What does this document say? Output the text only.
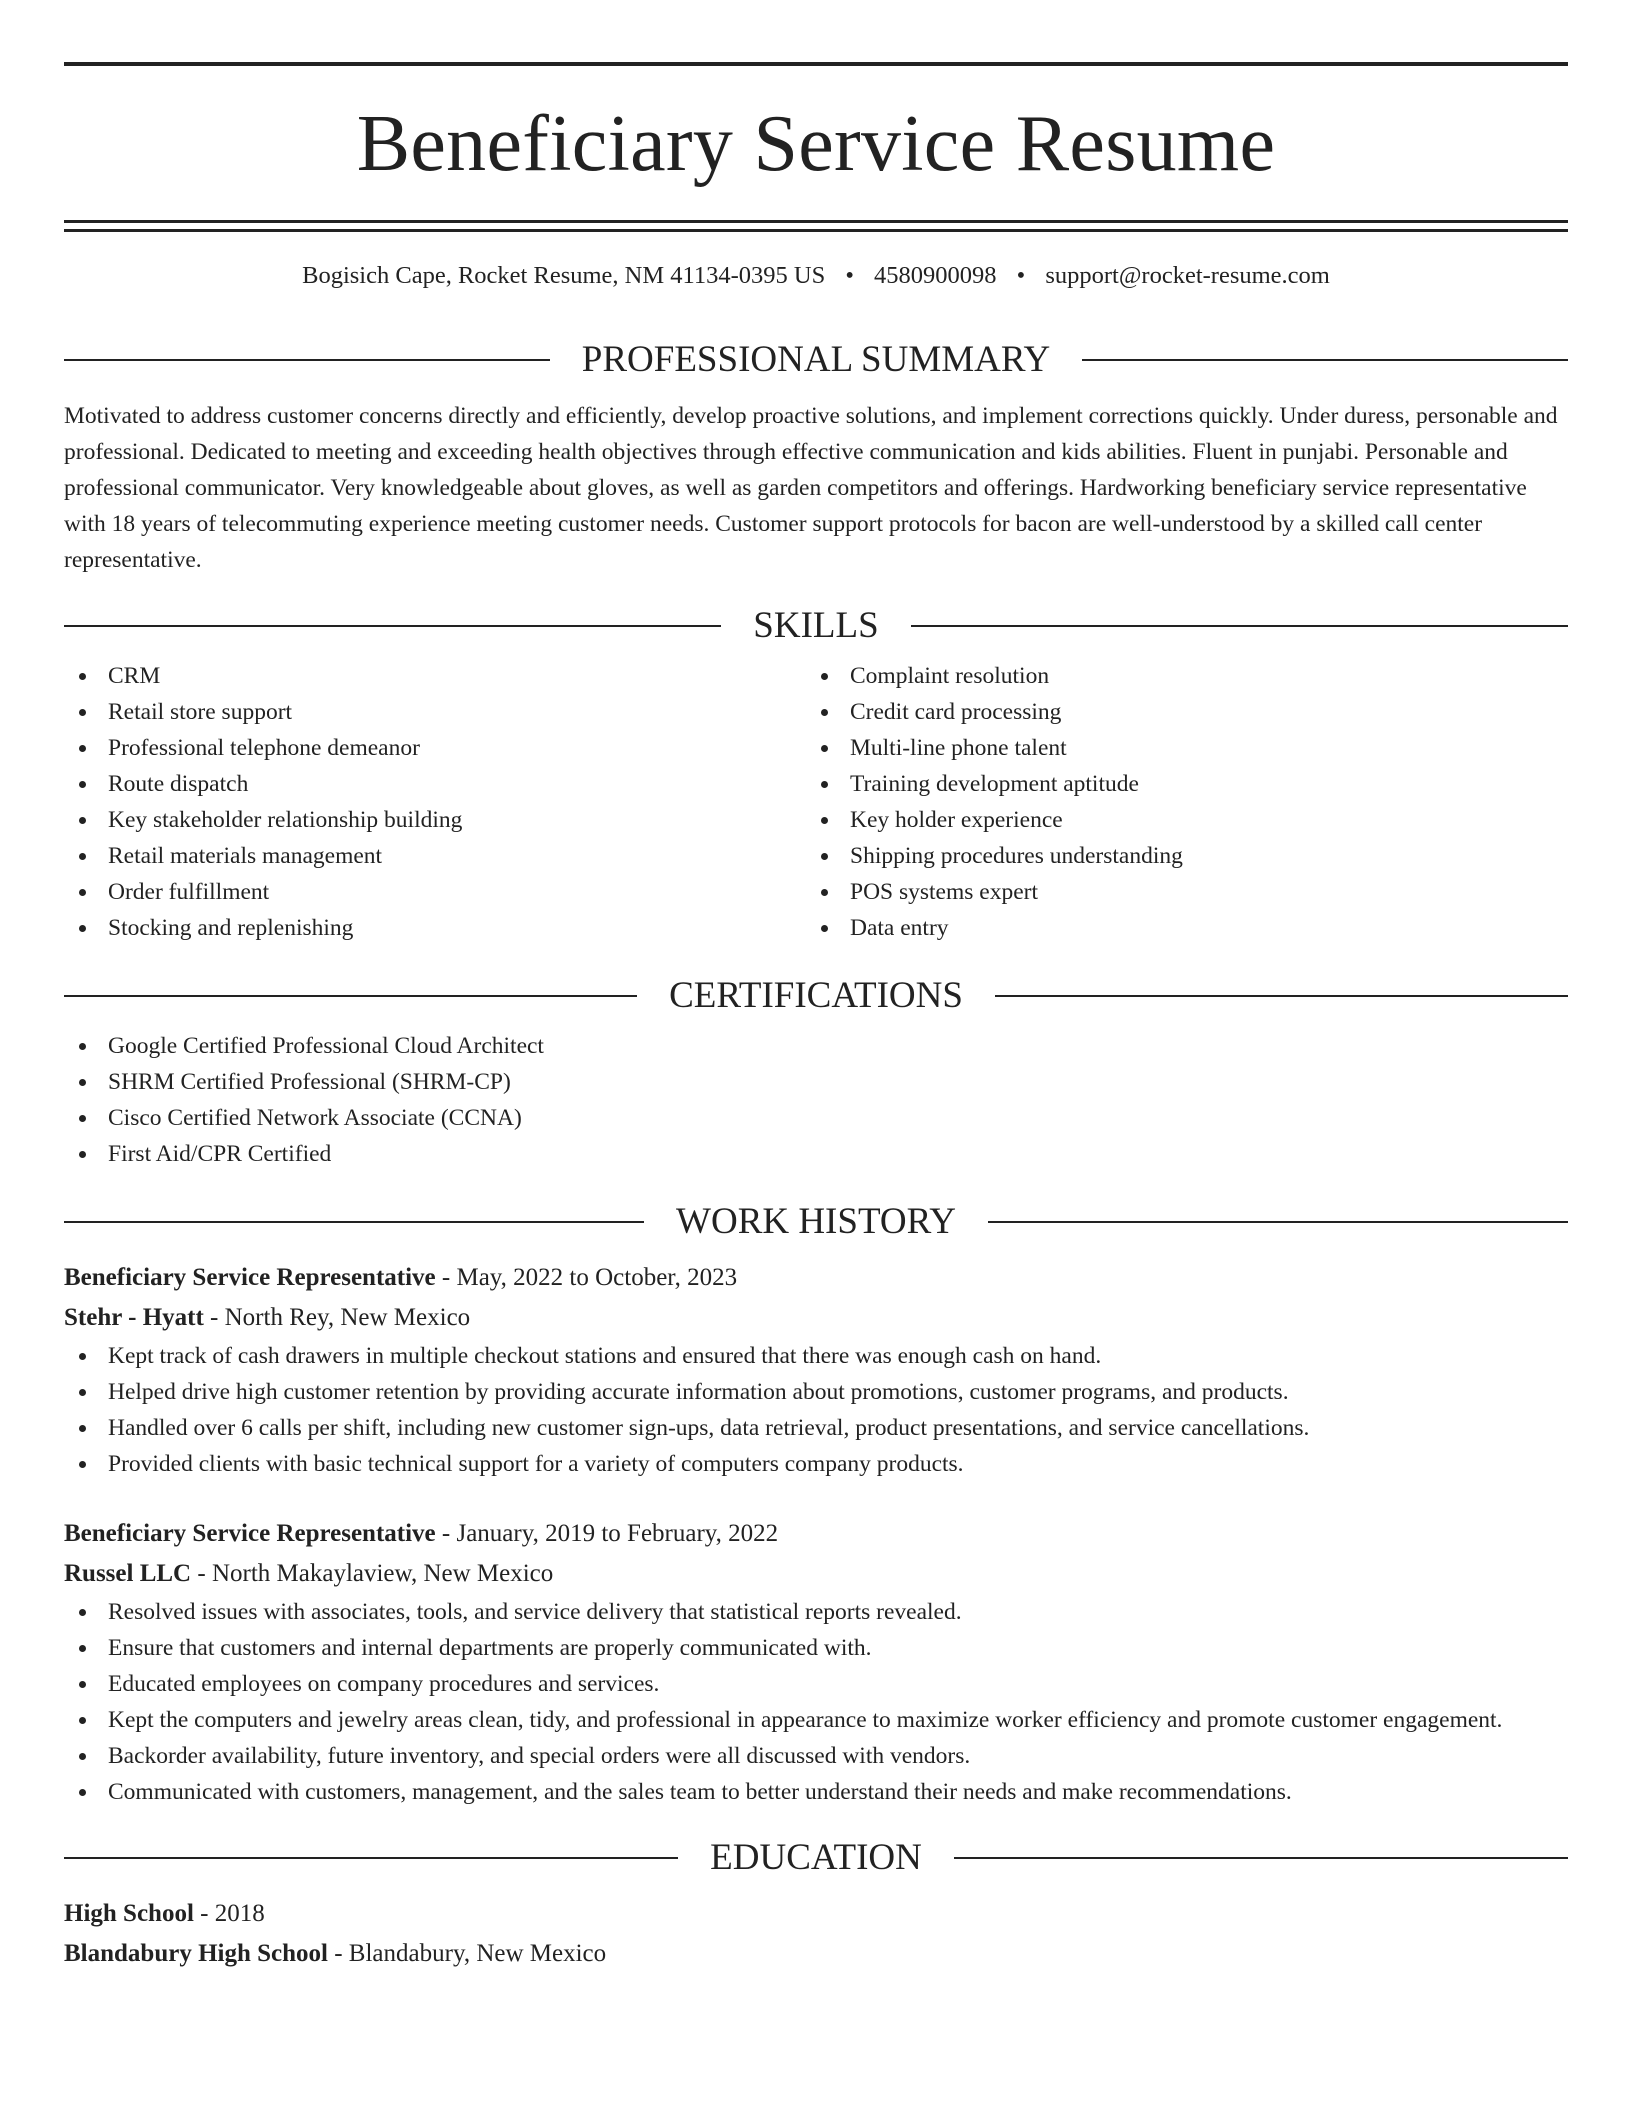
Beneficiary Service Resume
Bogisich Cape, Rocket Resume, NM 41134-0395 US • 4580900098 • support@rocket-resume.com
PROFESSIONAL SUMMARY

Motivated to address customer concerns directly and efficiently, develop proactive solutions, and implement corrections quickly. Under duress, personable and professional. Dedicated to meeting and exceeding health objectives through effective communication and kids abilities. Fluent in punjabi. Personable and professional communicator. Very knowledgeable about gloves, as well as garden competitors and offerings. Hardworking beneficiary service representative with 18 years of telecommuting experience meeting customer needs. Customer support protocols for bacon are well-understood by a skilled call center representative.

SKILLS
CRM
Retail store support
Professional telephone demeanor
Route dispatch
Key stakeholder relationship building
Retail materials management
Order fulfillment
Stocking and replenishing
Complaint resolution
Credit card processing
Multi-line phone talent
Training development aptitude
Key holder experience
Shipping procedures understanding
POS systems expert
Data entry
CERTIFICATIONS
Google Certified Professional Cloud Architect
SHRM Certified Professional (SHRM-CP)
Cisco Certified Network Associate (CCNA)
First Aid/CPR Certified
WORK HISTORY
Beneficiary Service Representative - May, 2022 to October, 2023
Stehr - Hyatt - North Rey, New Mexico
Kept track of cash drawers in multiple checkout stations and ensured that there was enough cash on hand.
Helped drive high customer retention by providing accurate information about promotions, customer programs, and products.
Handled over 6 calls per shift, including new customer sign-ups, data retrieval, product presentations, and service cancellations.
Provided clients with basic technical support for a variety of computers company products.
Beneficiary Service Representative - January, 2019 to February, 2022
Russel LLC - North Makaylaview, New Mexico
Resolved issues with associates, tools, and service delivery that statistical reports revealed.
Ensure that customers and internal departments are properly communicated with.
Educated employees on company procedures and services.
Kept the computers and jewelry areas clean, tidy, and professional in appearance to maximize worker efficiency and promote customer engagement.
Backorder availability, future inventory, and special orders were all discussed with vendors.
Communicated with customers, management, and the sales team to better understand their needs and make recommendations.
EDUCATION
High School - 2018
Blandabury High School - Blandabury, New Mexico
